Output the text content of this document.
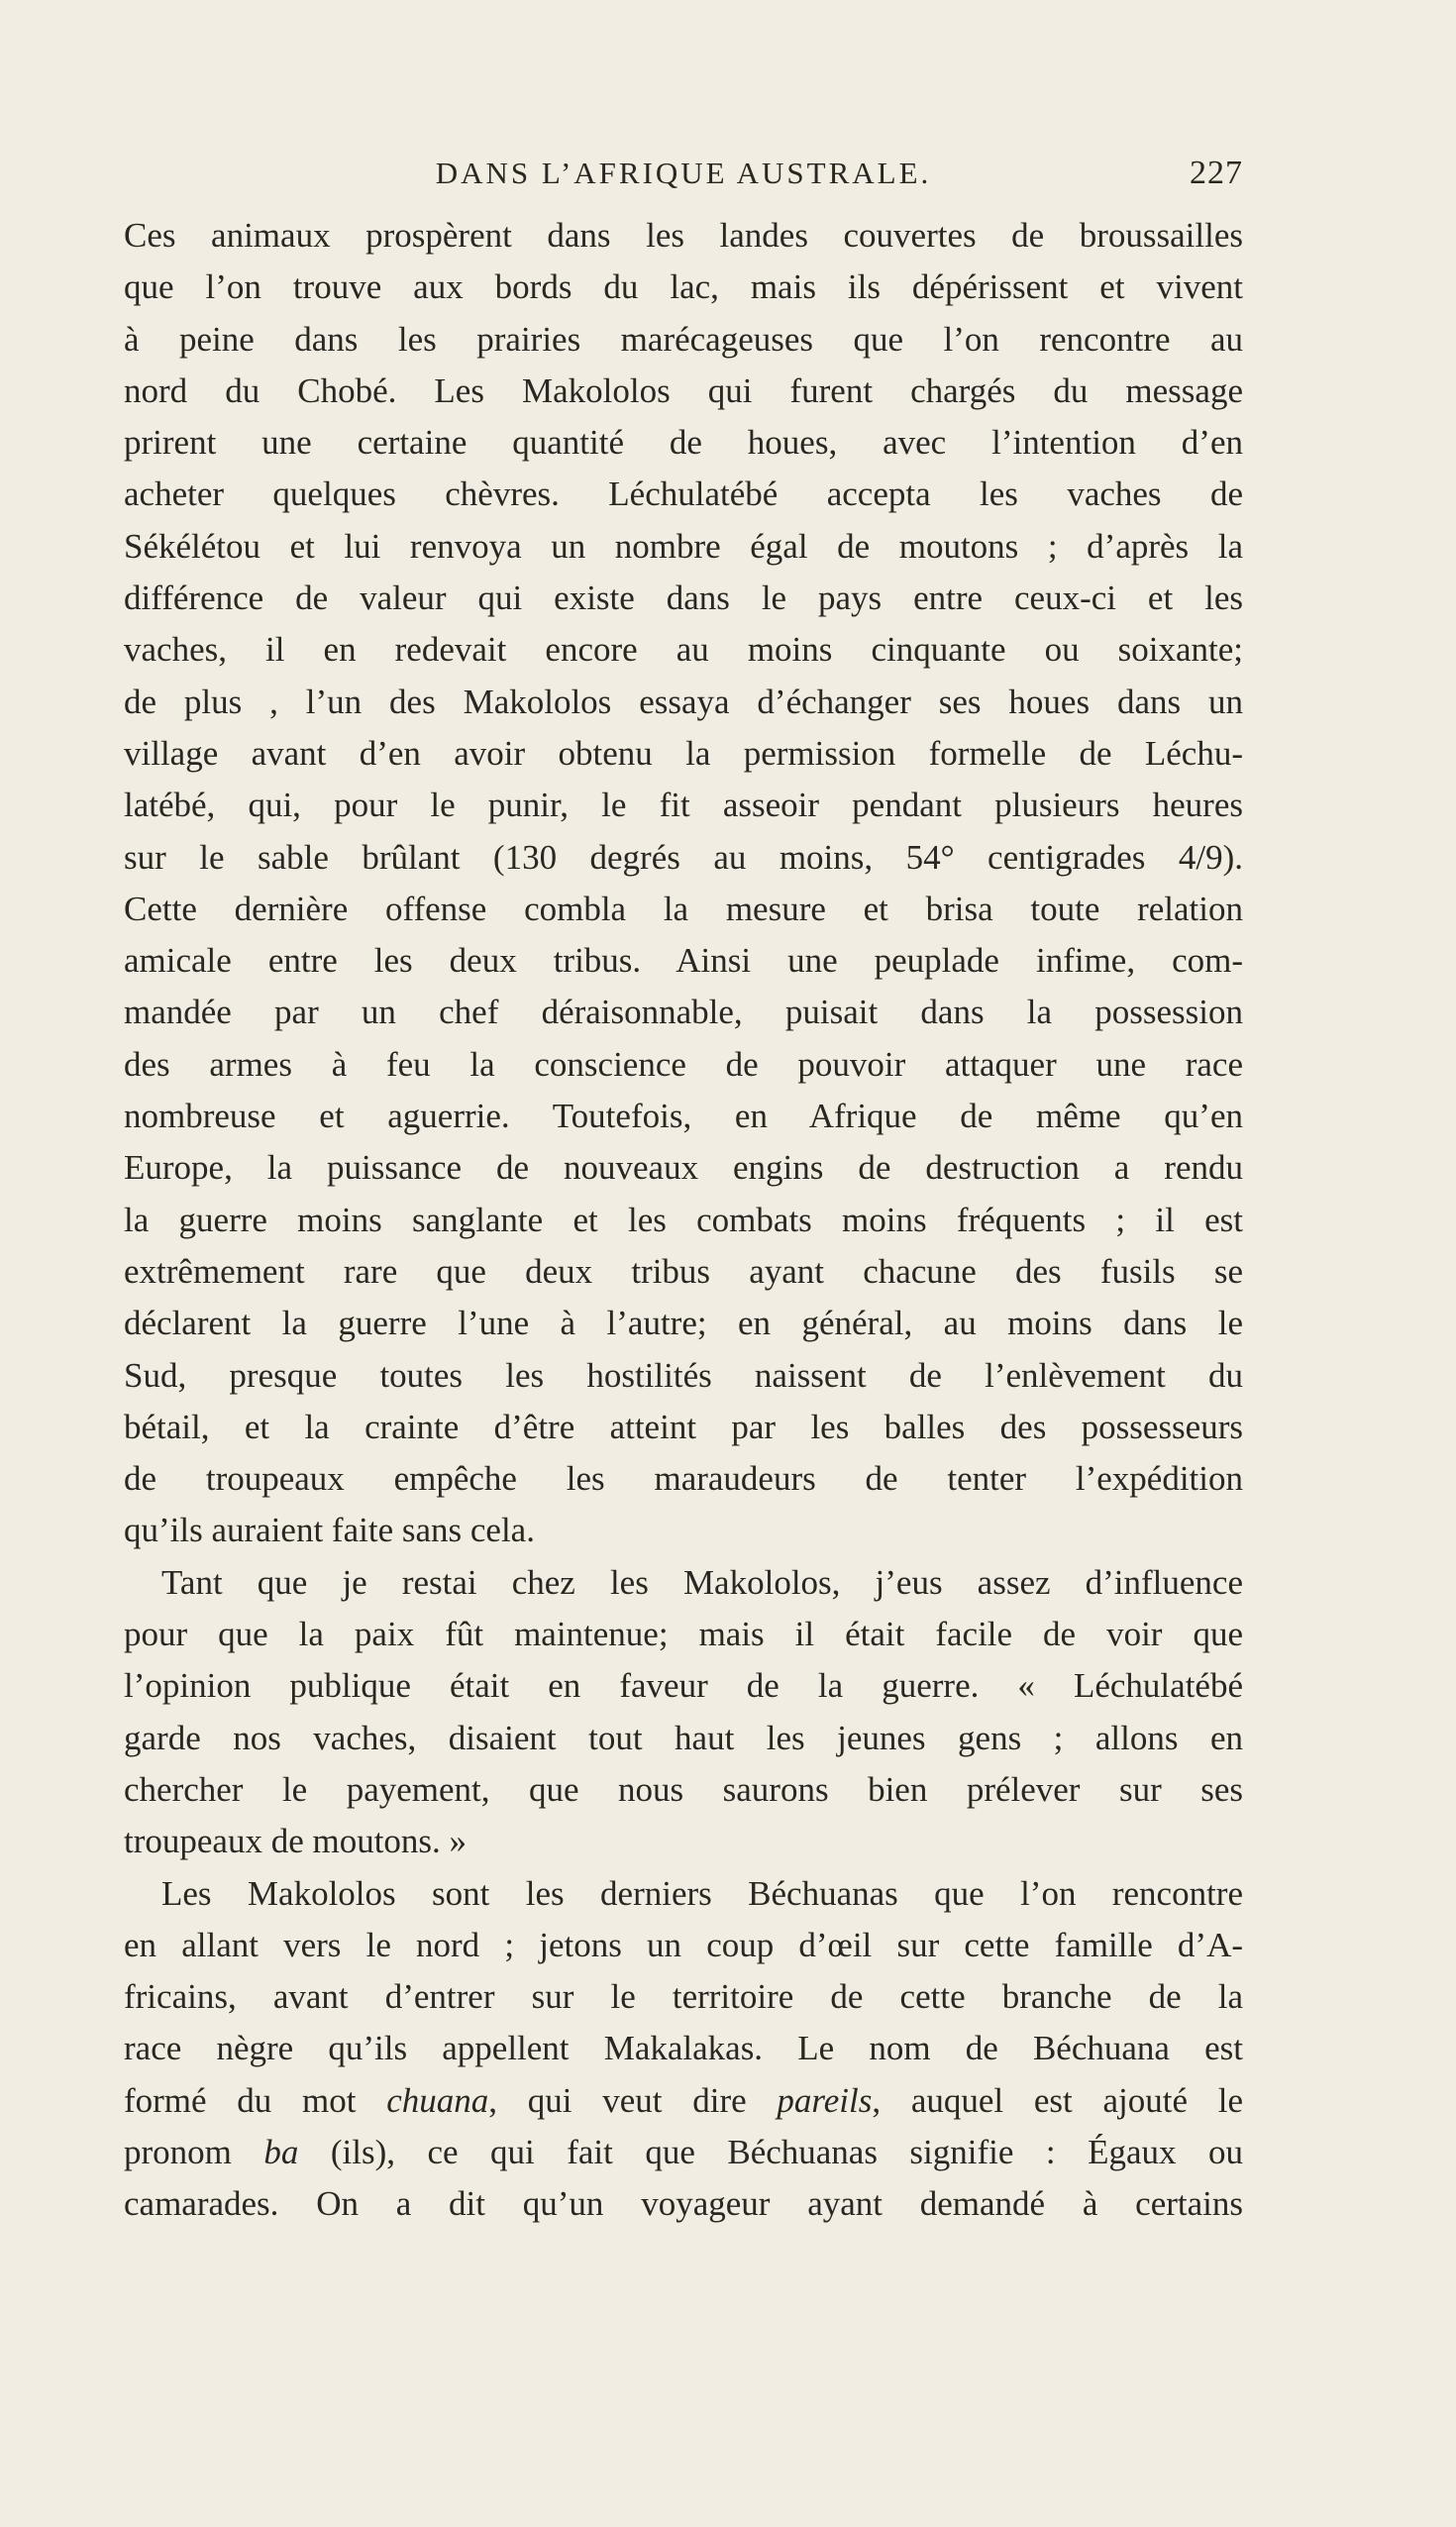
DANS L’AFRIQUE AUSTRALE.	227
Ces animaux prospèrent dans les landes couvertes de broussailles
que l’on trouve aux bords du lac, mais ils dépérissent et vivent
à peine dans les prairies marécageuses que l’on rencontre au
nord du Chobé. Les Makololos qui furent chargés du message
prirent une certaine quantité de houes, avec l’intention d’en
acheter quelques chèvres. Léchulatébé accepta les vaches de
Sékélétou et lui renvoya un nombre égal de moutons ; d’après la
différence de valeur qui existe dans le pays entre ceux-ci et les
vaches, il en redevait encore au moins cinquante ou soixante;
de plus , l’un des Makololos essaya d’échanger ses houes dans un
village avant d’en avoir obtenu la permission formelle de Léchu-
latébé, qui, pour le punir, le fit asseoir pendant plusieurs heures
sur le sable brûlant (130 degrés au moins, 54° centigrades 4/9).
Cette dernière offense combla la mesure et brisa toute relation
amicale entre les deux tribus. Ainsi une peuplade infime, com-
mandée par un chef déraisonnable, puisait dans la possession
des armes à feu la conscience de pouvoir attaquer une race
nombreuse et aguerrie. Toutefois, en Afrique de même qu’en
Europe, la puissance de nouveaux engins de destruction a rendu
la guerre moins sanglante et les combats moins fréquents ; il est
extrêmement rare que deux tribus ayant chacune des fusils se
déclarent la guerre l’une à l’autre; en général, au moins dans le
Sud, presque toutes les hostilités naissent de l’enlèvement du
bétail, et la crainte d’être atteint par les balles des possesseurs
de troupeaux empêche les maraudeurs de tenter l’expédition
qu’ils auraient faite sans cela.
Tant que je restai chez les Makololos, j’eus assez d’influence
pour que la paix fût maintenue; mais il était facile de voir que
l’opinion publique était en faveur de la guerre. « Léchulatébé
garde nos vaches, disaient tout haut les jeunes gens ; allons en
chercher le payement, que nous saurons bien prélever sur ses
troupeaux de moutons. »
Les Makololos sont les derniers Béchuanas que l’on rencontre
en allant vers le nord ; jetons un coup d’œil sur cette famille d’A-
fricains, avant d’entrer sur le territoire de cette branche de la
race nègre qu’ils appellent Makalakas. Le nom de Béchuana est
formé du mot chuana, qui veut dire pareils, auquel est ajouté le
pronom ba (ils), ce qui fait que Béchuanas signifie : Égaux ou
camarades. On a dit qu’un voyageur ayant demandé à certains
